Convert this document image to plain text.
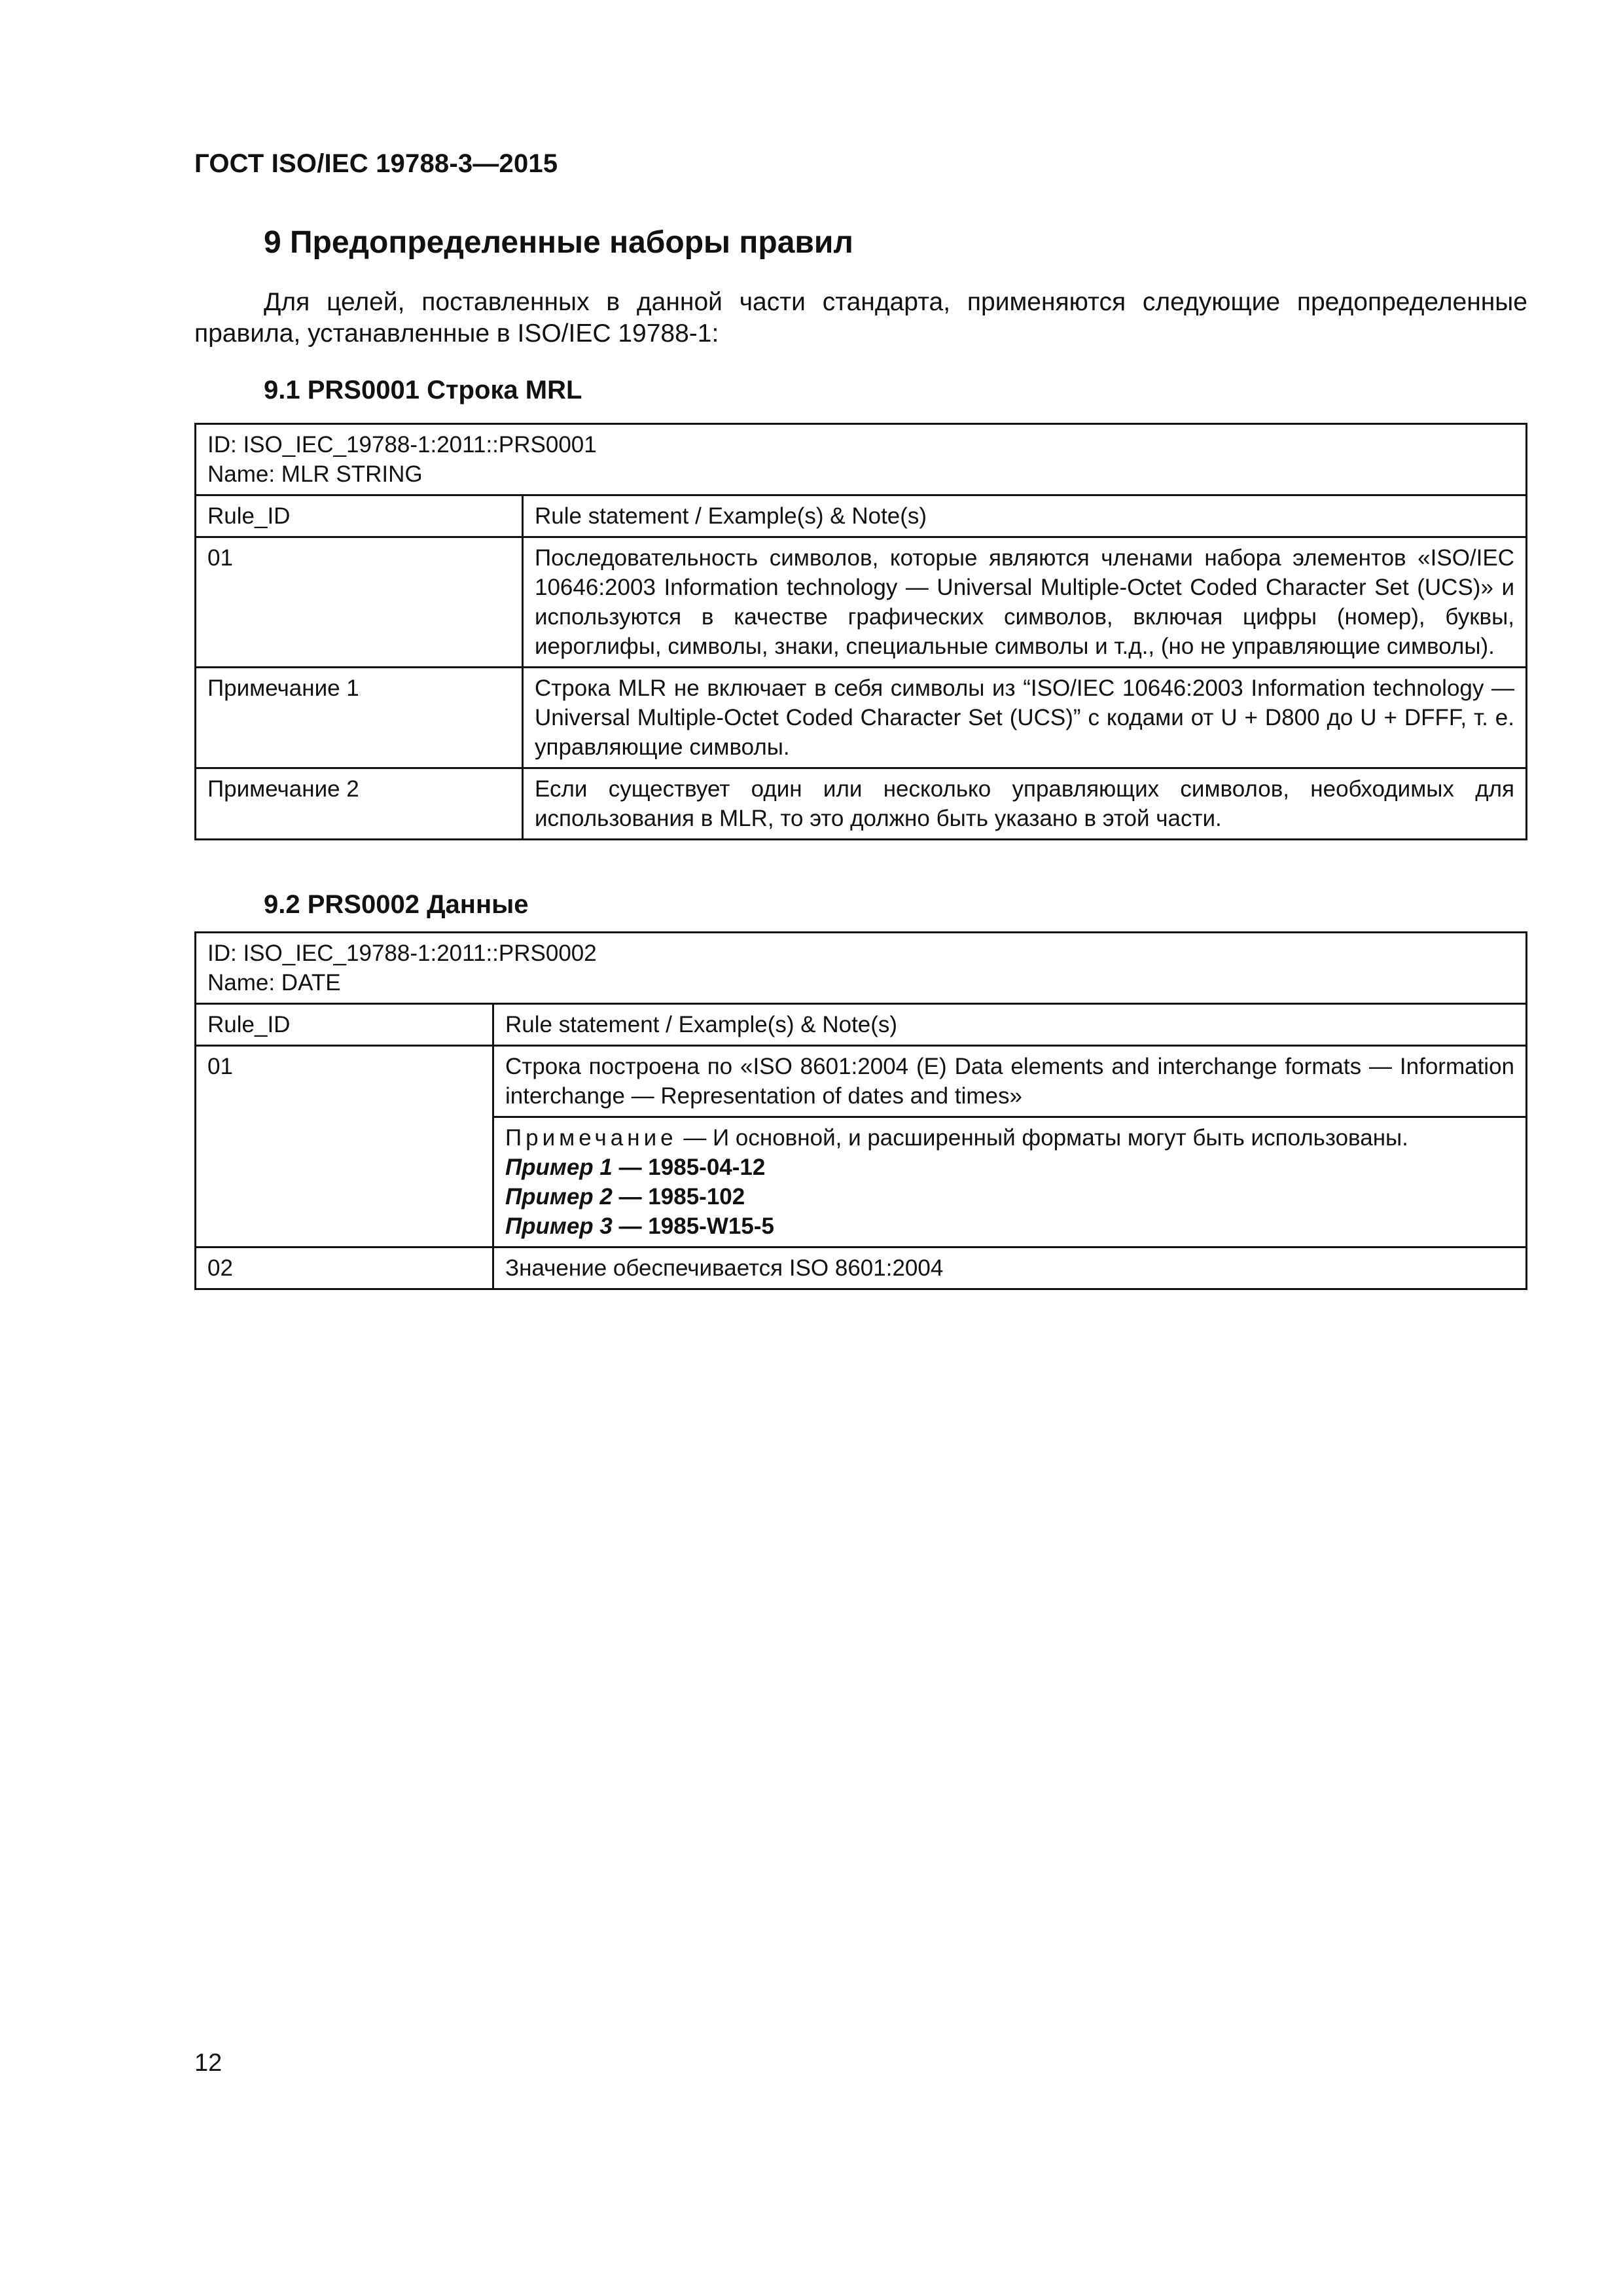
ГОСТ ISO/IEC 19788-3—2015
9 Предопределенные наборы правил
Для целей, поставленных в данной части стандарта, применяются следующие предопределенные правила, устанавленные в ISO/IEC 19788-1:
9.1 PRS0001 Строка MRL
ID: ISO_IEC_19788-1:2011::PRS0001
Name: MLR STRING	

Rule_ID	Rule statement / Example(s) & Note(s)
01	Последовательность символов, которые являются членами набора элементов «ISO/IEC 10646:2003 Information technology — Universal Multiple-Octet Coded Character Set (UCS)» и используются в качестве графических символов, включая цифры (номер), буквы, иероглифы, символы, знаки, специальные символы и т.д., (но не управляющие символы).
Примечание 1	Строка MLR не включает в себя символы из “ISO/IEC 10646:2003 Information technology — Universal Multiple-Octet Coded Character Set (UCS)” с кодами от U + D800 до U + DFFF, т. е. управляющие символы.
Примечание 2	Если существует один или несколько управляющих символов, необходимых для использования в MLR, то это должно быть указано в этой части.
9.2 PRS0002 Данные
ID: ISO_IEC_19788-1:2011::PRS0002
Name: DATE	

Rule_ID	Rule statement / Example(s) & Note(s)
01	Строка построена по «ISO 8601:2004 (E) Data elements and interchange formats — Information interchange — Representation of dates and times»

	Примечание — И основной, и расширенный форматы могут быть использованы.
Пример 1 — 1985-04-12
Пример 2 — 1985-102
Пример 3 — 1985-W15-5

02	Значение обеспечивается ISO 8601:2004
12
